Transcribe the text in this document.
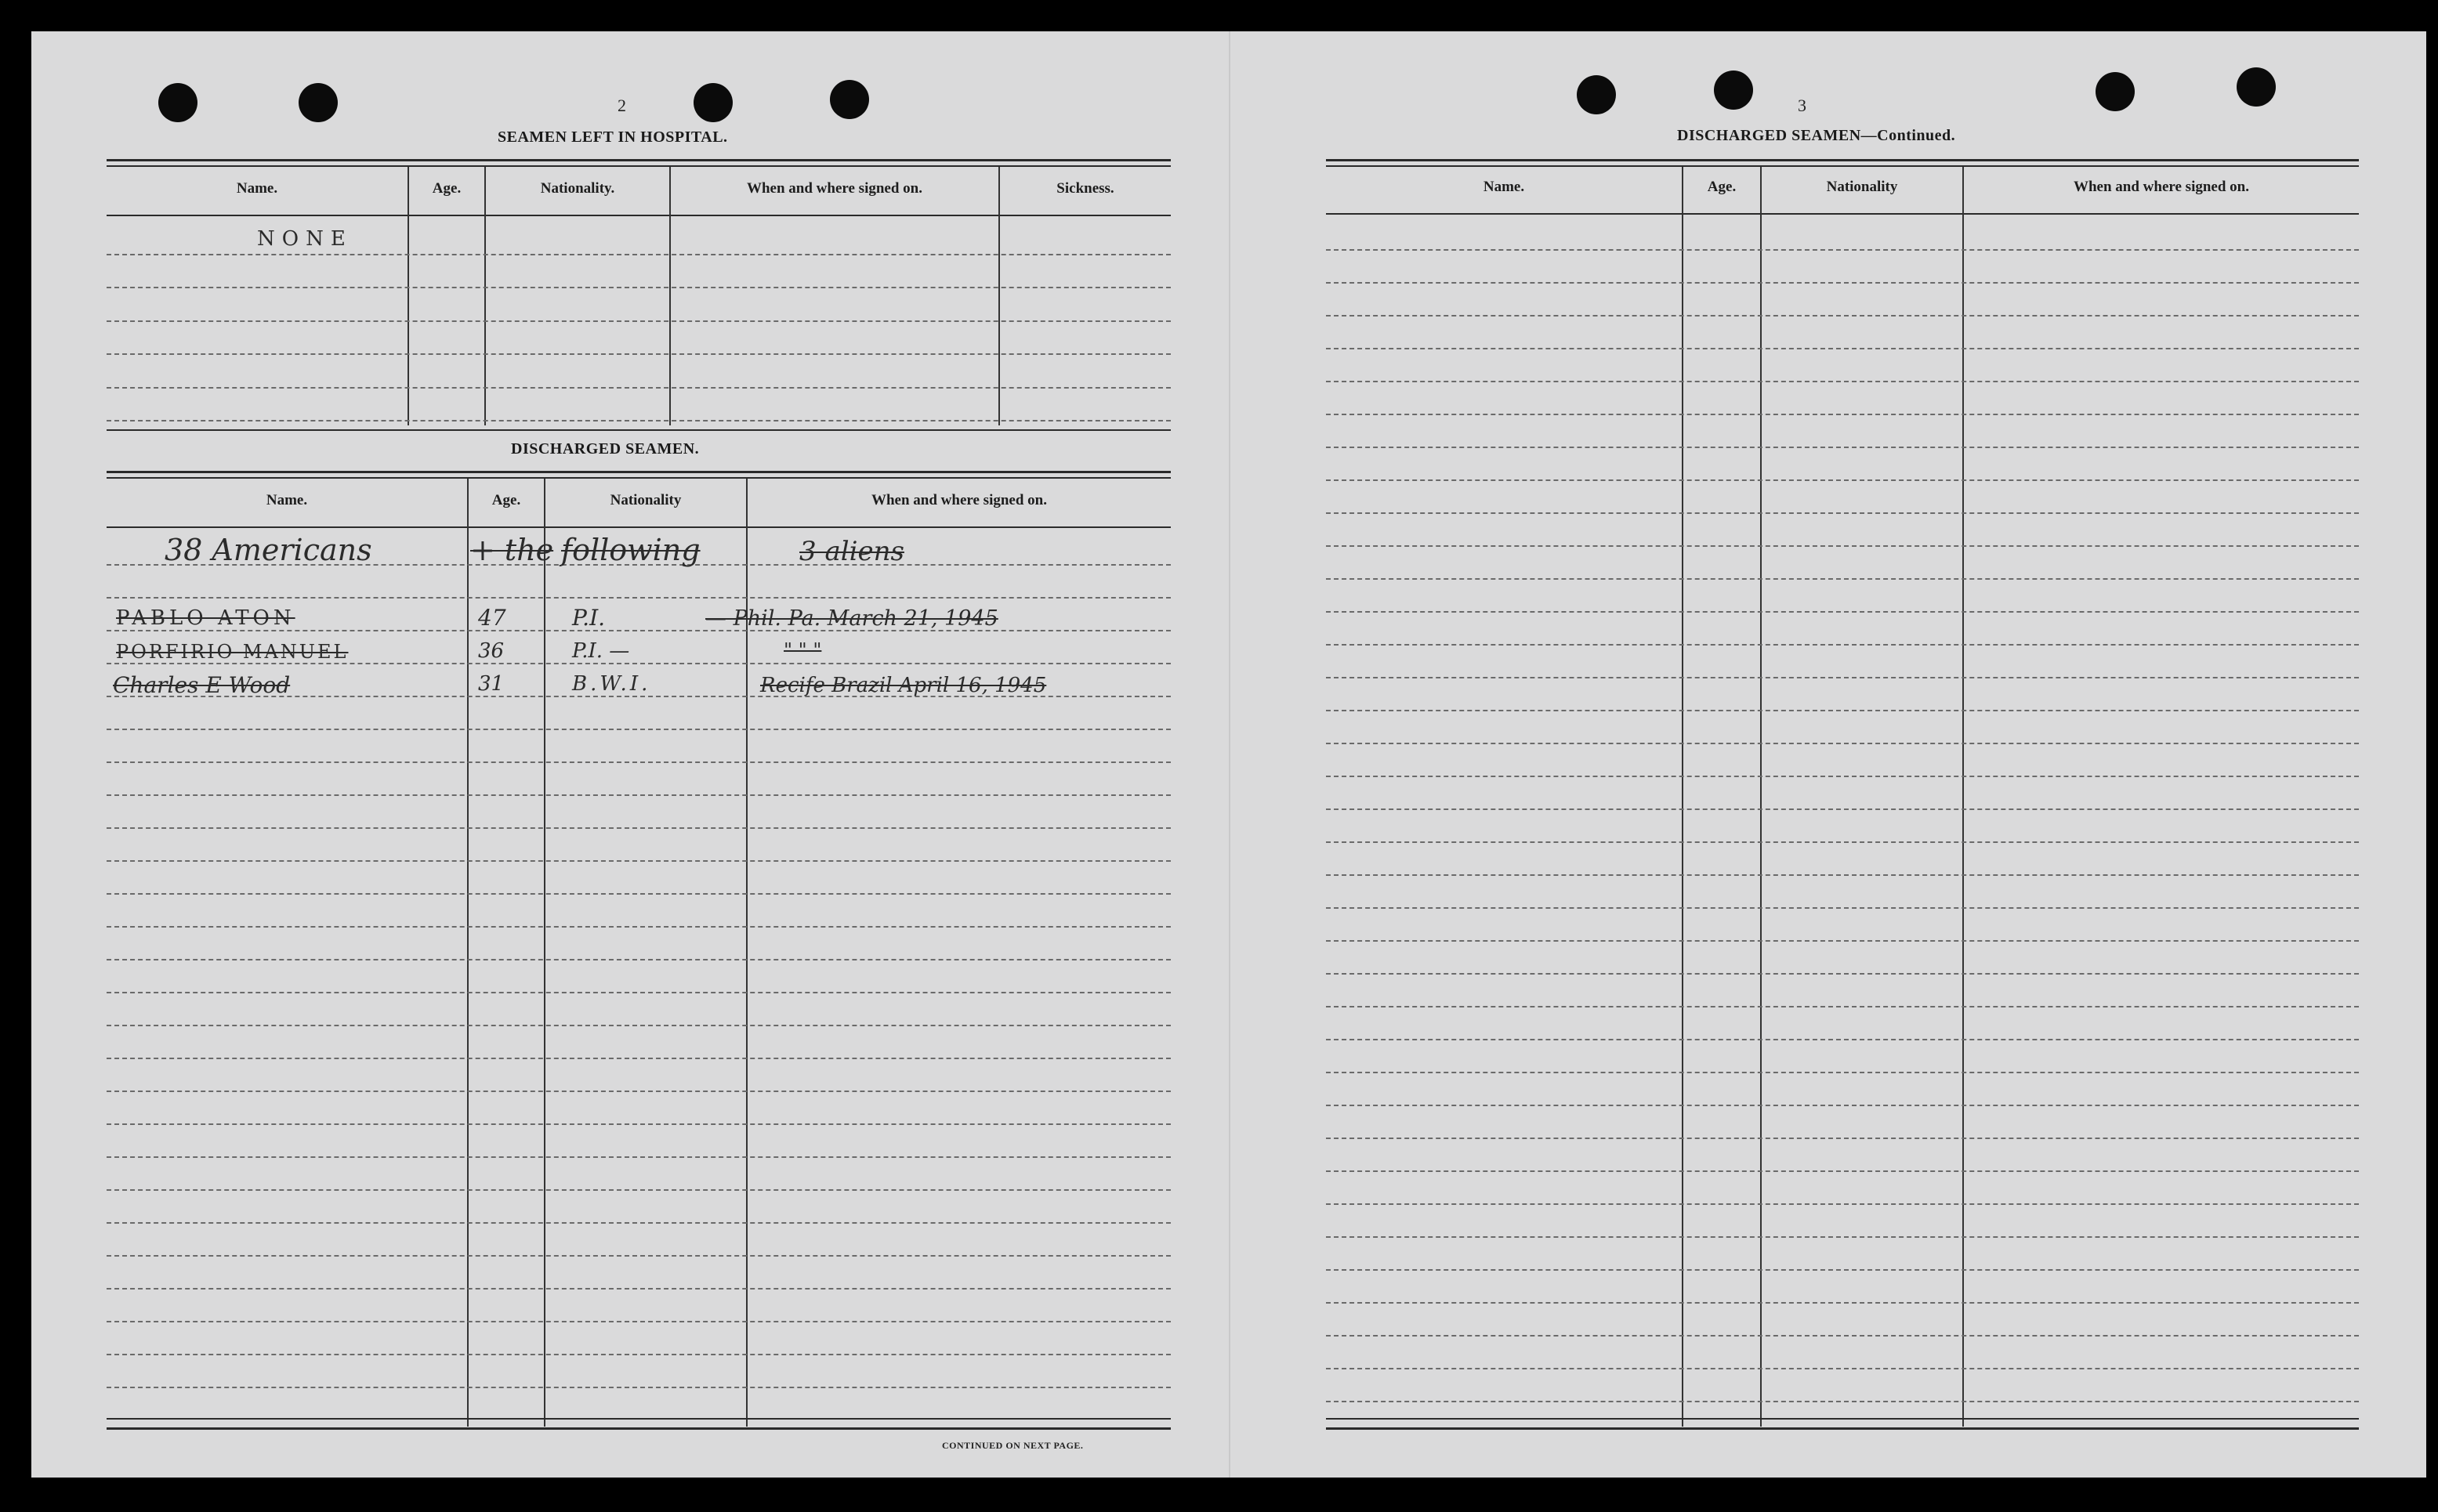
2
SEAMEN LEFT IN HOSPITAL.
Name.	Age.	Nationality.	When and where signed on.	Sickness.
NONE
DISCHARGED SEAMEN.
Name.	Age.	Nationality	When and where signed on.
38 Americans	+ the following	3 aliens
PABLO ATON	47	P.I.	— Phil. Pa. March 21, 1945
PORFIRIO MANUEL	36	P.I. —	" " "
Charles E Wood	31	B.W.I.	Recife Brazil April 16, 1945
CONTINUED ON NEXT PAGE.
3
DISCHARGED SEAMEN—Continued.
Name.	Age.	Nationality	When and where signed on.
